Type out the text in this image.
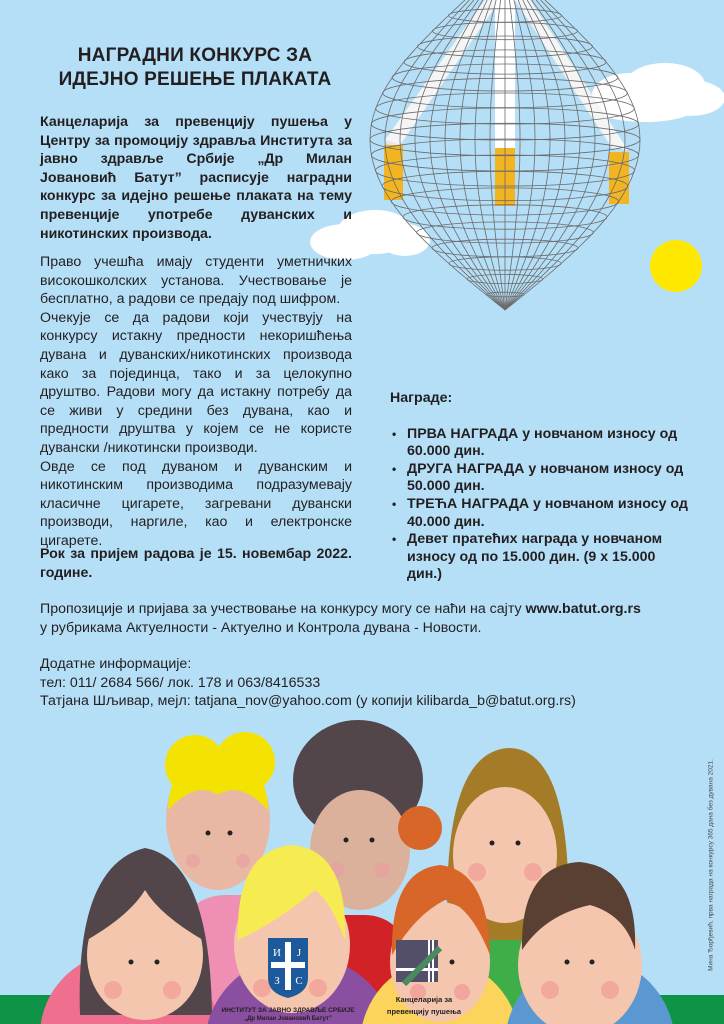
НАГРАДНИ КОНКУРС ЗА
ИДЕЈНО РЕШЕЊЕ ПЛАКАТА
Канцеларија за превенцију пушења у Центру за промоцију здравља Института за јавно здравље Србије „Др Милан Јовановић Батут” расписује наградни конкурс за идејно решење плаката на тему превенције употребе дуванских и никотинских производа.

Право учешћа имају студенти уметничких високошколских установа. Учествовање је бесплатно, а радови се предају под шифром.

Очекује се да радови који учествују на конкурсу истакну предности некоришћења дувана и дуванских/никотинских производа како за појединца, тако и за целокупно друштво. Радови могу да истакну потребу да се живи у средини без дувана, као и предности друштва у којем се не користе дувански /никотински производи.

Овде се под дуваном и дуванским и никотинским производима подразумевају класичне цигарете, загревани дувански производи, наргиле, као и електронске цигарете.

Рок за пријем радова је 15. новембар 2022. године.
Награде:
• ПРВА НАГРАДА у новчаном износу од 60.000 дин.
• ДРУГА НАГРАДА у новчаном износу од 50.000 дин.
• ТРЕЋА НАГРАДА у новчаном износу од 40.000 дин.
• Девет пратећих награда у новчаном износу од по 15.000 дин. (9 x 15.000 дин.)

Пропозиције и пријава за учествовање на конкурсу могу се наћи на сајту www.batut.org.rs

у рубрикама Актуелности - Актуелно и Контрола дувана - Новости.

Додатне информације:

тел: 011/ 2684 566/ лок. 178 и 063/8416533

Татјана Шљивар, мејл: tatjana_nov@yahoo.com (у копији kilibarda_b@batut.org.rs)

И Ј
З С
ИНСТИТУТ ЗА ЈАВНО ЗДРАВЉЕ СРБИЈЕ
„Др Милан Јовановић Батут”
Канцеларија за
превенцију пушења
Мина Ђорђевић, прва награда на конкурсу 365 дана без дувана 2021.
